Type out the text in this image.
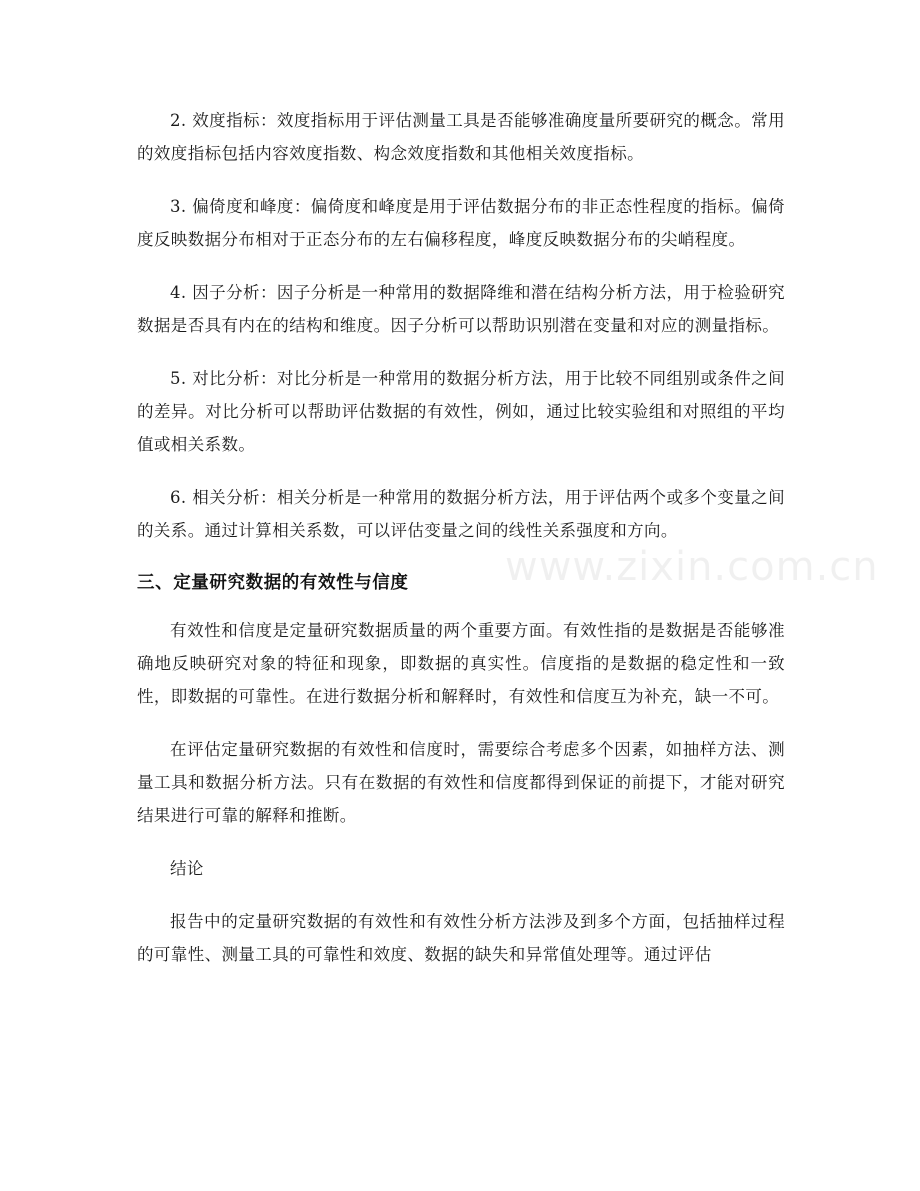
2. 效度指标：效度指标用于评估测量工具是否能够准确度量所要研究的概念。常用的效度指标包括内容效度指数、构念效度指数和其他相关效度指标。

3. 偏倚度和峰度：偏倚度和峰度是用于评估数据分布的非正态性程度的指标。偏倚度反映数据分布相对于正态分布的左右偏移程度，峰度反映数据分布的尖峭程度。

4. 因子分析：因子分析是一种常用的数据降维和潜在结构分析方法，用于检验研究数据是否具有内在的结构和维度。因子分析可以帮助识别潜在变量和对应的测量指标。

5. 对比分析：对比分析是一种常用的数据分析方法，用于比较不同组别或条件之间的差异。对比分析可以帮助评估数据的有效性，例如，通过比较实验组和对照组的平均值或相关系数。

6. 相关分析：相关分析是一种常用的数据分析方法，用于评估两个或多个变量之间的关系。通过计算相关系数，可以评估变量之间的线性关系强度和方向。

三、定量研究数据的有效性与信度

有效性和信度是定量研究数据质量的两个重要方面。有效性指的是数据是否能够准确地反映研究对象的特征和现象，即数据的真实性。信度指的是数据的稳定性和一致性，即数据的可靠性。在进行数据分析和解释时，有效性和信度互为补充，缺一不可。

在评估定量研究数据的有效性和信度时，需要综合考虑多个因素，如抽样方法、测量工具和数据分析方法。只有在数据的有效性和信度都得到保证的前提下，才能对研究结果进行可靠的解释和推断。

结论

报告中的定量研究数据的有效性和有效性分析方法涉及到多个方面，包括抽样过程的可靠性、测量工具的可靠性和效度、数据的缺失和异常值处理等。通过评估

www.zixin.com.cn
